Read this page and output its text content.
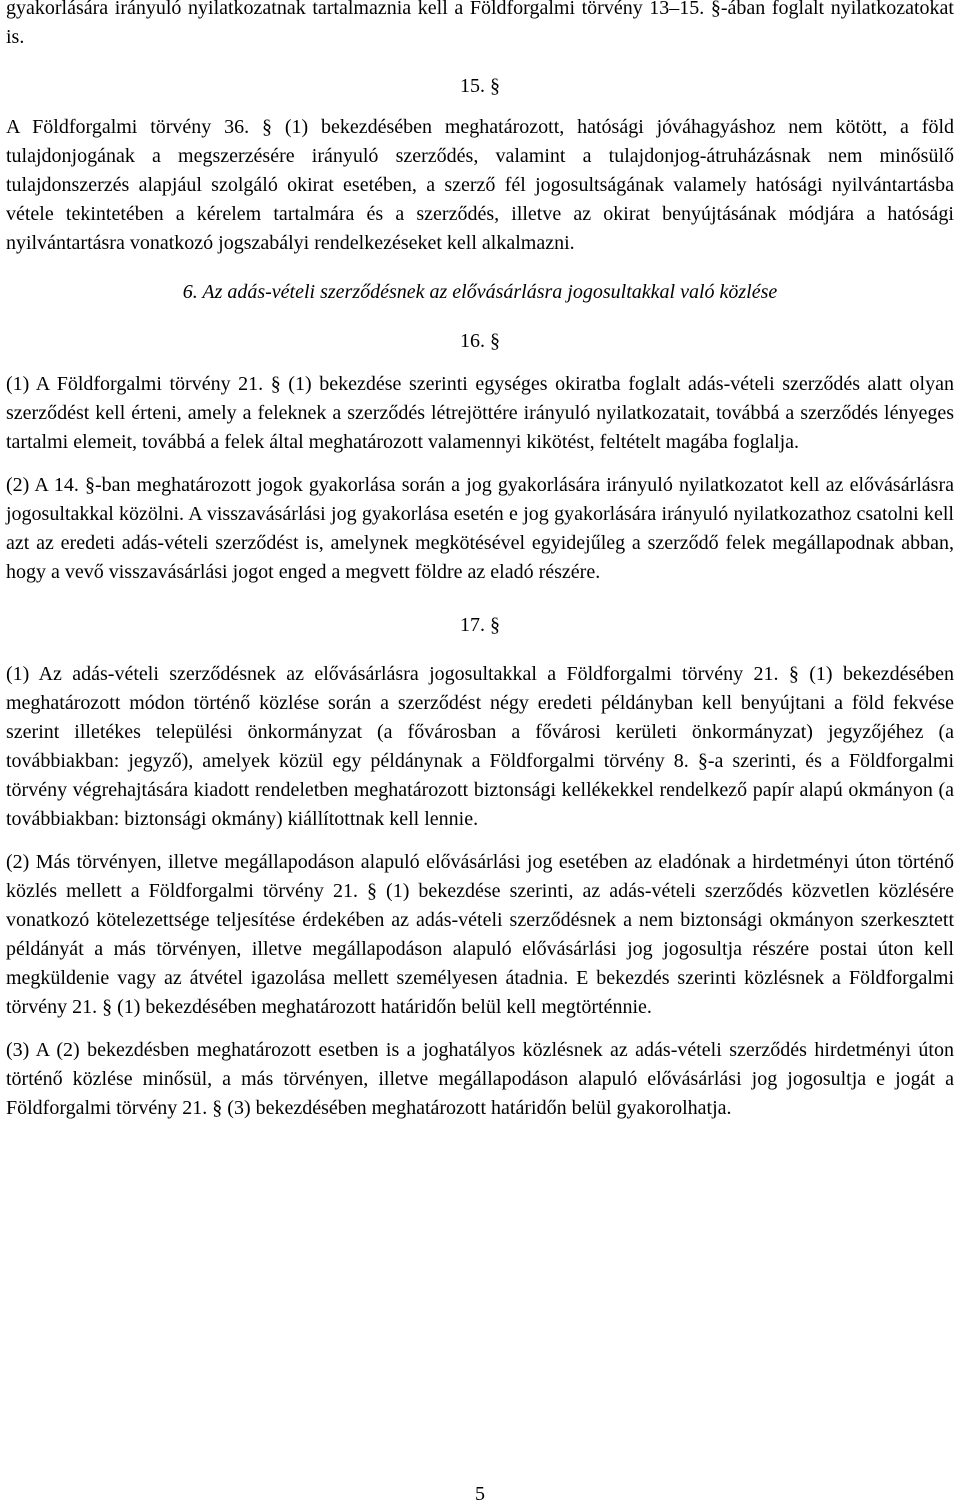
gyakorlására irányuló nyilatkozatnak tartalmaznia kell a Földforgalmi törvény 13–15. §-ában foglalt nyilatkozatokat is.

15. §

A Földforgalmi törvény 36. § (1) bekezdésében meghatározott, hatósági jóváhagyáshoz nem kötött, a föld tulajdonjogának a megszerzésére irányuló szerződés, valamint a tulajdonjog-átruházásnak nem minősülő tulajdonszerzés alapjául szolgáló okirat esetében, a szerző fél jogosultságának valamely hatósági nyilvántartásba vétele tekintetében a kérelem tartalmára és a szerződés, illetve az okirat benyújtásának módjára a hatósági nyilvántartásra vonatkozó jogszabályi rendelkezéseket kell alkalmazni.

6. Az adás-vételi szerződésnek az elővásárlásra jogosultakkal való közlése

16. §

(1) A Földforgalmi törvény 21. § (1) bekezdése szerinti egységes okiratba foglalt adás-vételi szerződés alatt olyan szerződést kell érteni, amely a feleknek a szerződés létrejöttére irányuló nyilatkozatait, továbbá a szerződés lényeges tartalmi elemeit, továbbá a felek által meghatározott valamennyi kikötést, feltételt magába foglalja.

(2) A 14. §-ban meghatározott jogok gyakorlása során a jog gyakorlására irányuló nyilatkozatot kell az elővásárlásra jogosultakkal közölni. A visszavásárlási jog gyakorlása esetén e jog gyakorlására irányuló nyilatkozathoz csatolni kell azt az eredeti adás-vételi szerződést is, amelynek megkötésével egyidejűleg a szerződő felek megállapodnak abban, hogy a vevő visszavásárlási jogot enged a megvett földre az eladó részére.

17. §

(1) Az adás-vételi szerződésnek az elővásárlásra jogosultakkal a Földforgalmi törvény 21. § (1) bekezdésében meghatározott módon történő közlése során a szerződést négy eredeti példányban kell benyújtani a föld fekvése szerint illetékes települési önkormányzat (a fővárosban a fővárosi kerületi önkormányzat) jegyzőjéhez (a továbbiakban: jegyző), amelyek közül egy példánynak a Földforgalmi törvény 8. §-a szerinti, és a Földforgalmi törvény végrehajtására kiadott rendeletben meghatározott biztonsági kellékekkel rendelkező papír alapú okmányon (a továbbiakban: biztonsági okmány) kiállítottnak kell lennie.

(2) Más törvényen, illetve megállapodáson alapuló elővásárlási jog esetében az eladónak a hirdetményi úton történő közlés mellett a Földforgalmi törvény 21. § (1) bekezdése szerinti, az adás-vételi szerződés közvetlen közlésére vonatkozó kötelezettsége teljesítése érdekében az adás-vételi szerződésnek a nem biztonsági okmányon szerkesztett példányát a más törvényen, illetve megállapodáson alapuló elővásárlási jog jogosultja részére postai úton kell megküldenie vagy az átvétel igazolása mellett személyesen átadnia. E bekezdés szerinti közlésnek a Földforgalmi törvény 21. § (1) bekezdésében meghatározott határidőn belül kell megtörténnie.

(3) A (2) bekezdésben meghatározott esetben is a joghatályos közlésnek az adás-vételi szerződés hirdetményi úton történő közlése minősül, a más törvényen, illetve megállapodáson alapuló elővásárlási jog jogosultja e jogát a Földforgalmi törvény 21. § (3) bekezdésében meghatározott határidőn belül gyakorolhatja.

5
